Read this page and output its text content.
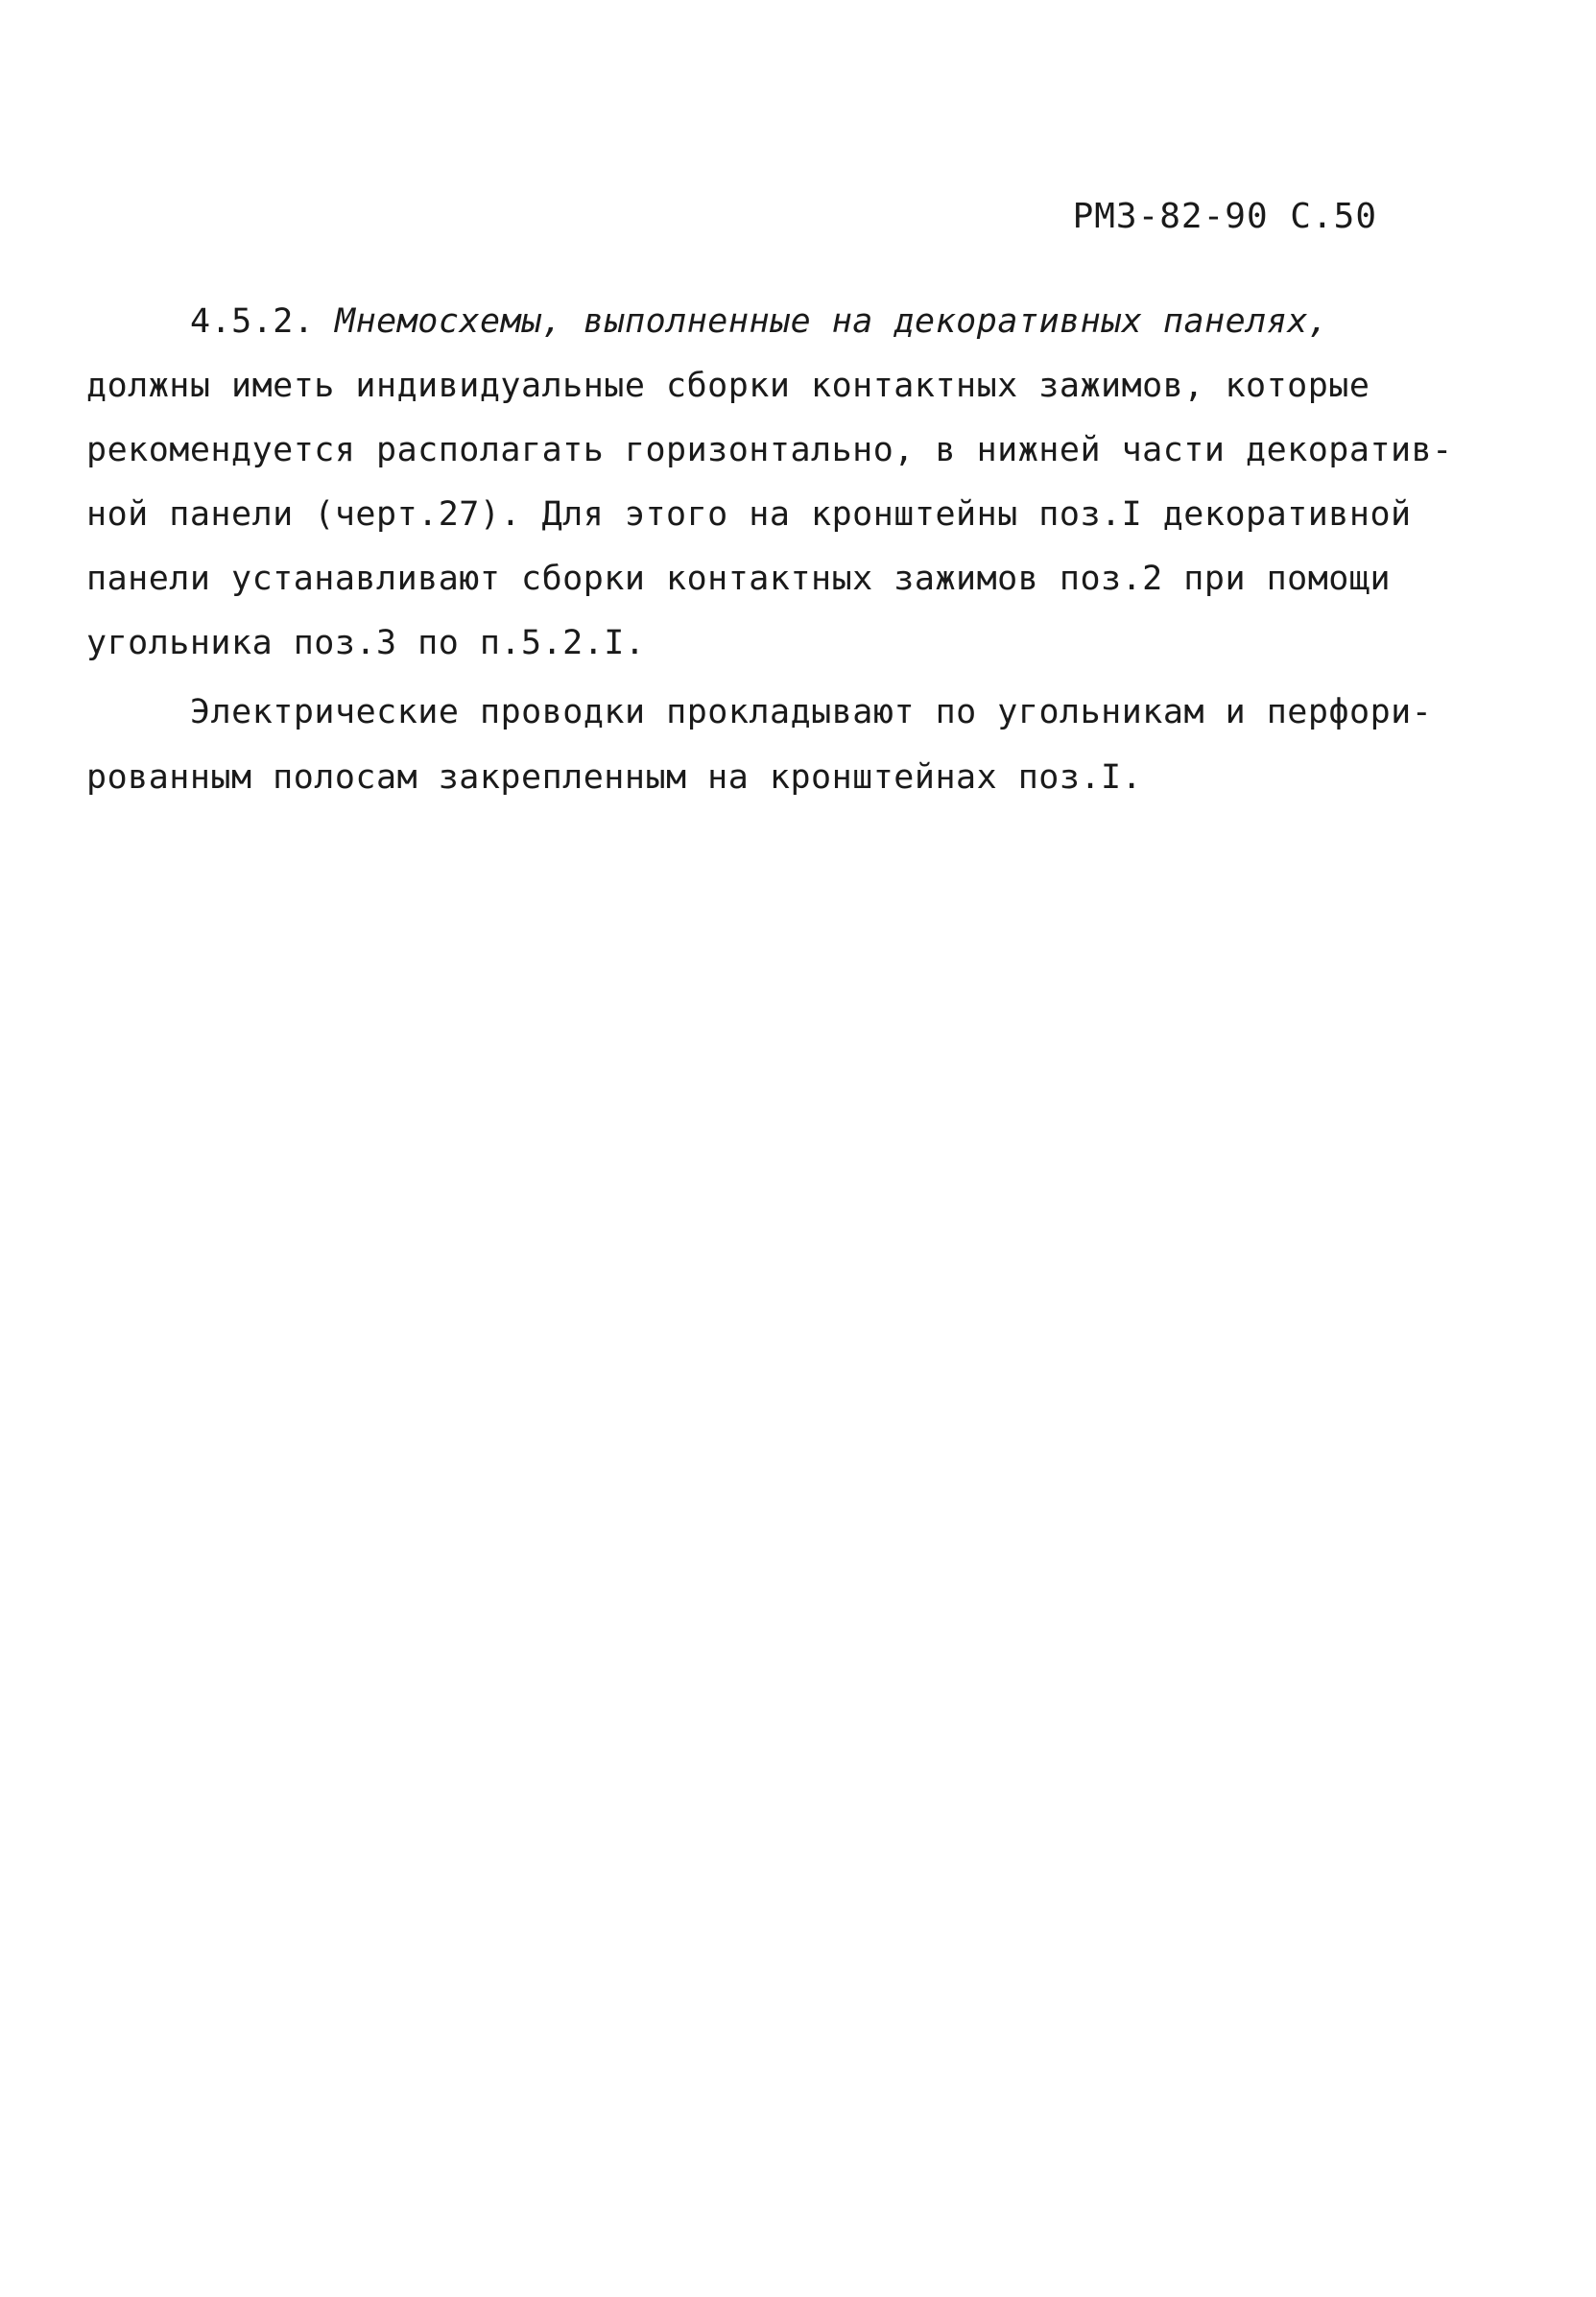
РМЗ-82-90 С.50
4.5.2. Мнемосхемы, выполненные на декоративных панелях,
должны иметь индивидуальные сборки контактных зажимов, которые
рекомендуется располагать горизонтально, в нижней части декоратив-
ной панели (черт.27). Для этого на кронштейны поз.I декоративной
панели устанавливают сборки контактных зажимов поз.2 при помощи
угольника поз.3 по п.5.2.I.
Электрические проводки прокладывают по угольникам и перфори-
рованным полосам закрепленным на кронштейнах поз.I.
